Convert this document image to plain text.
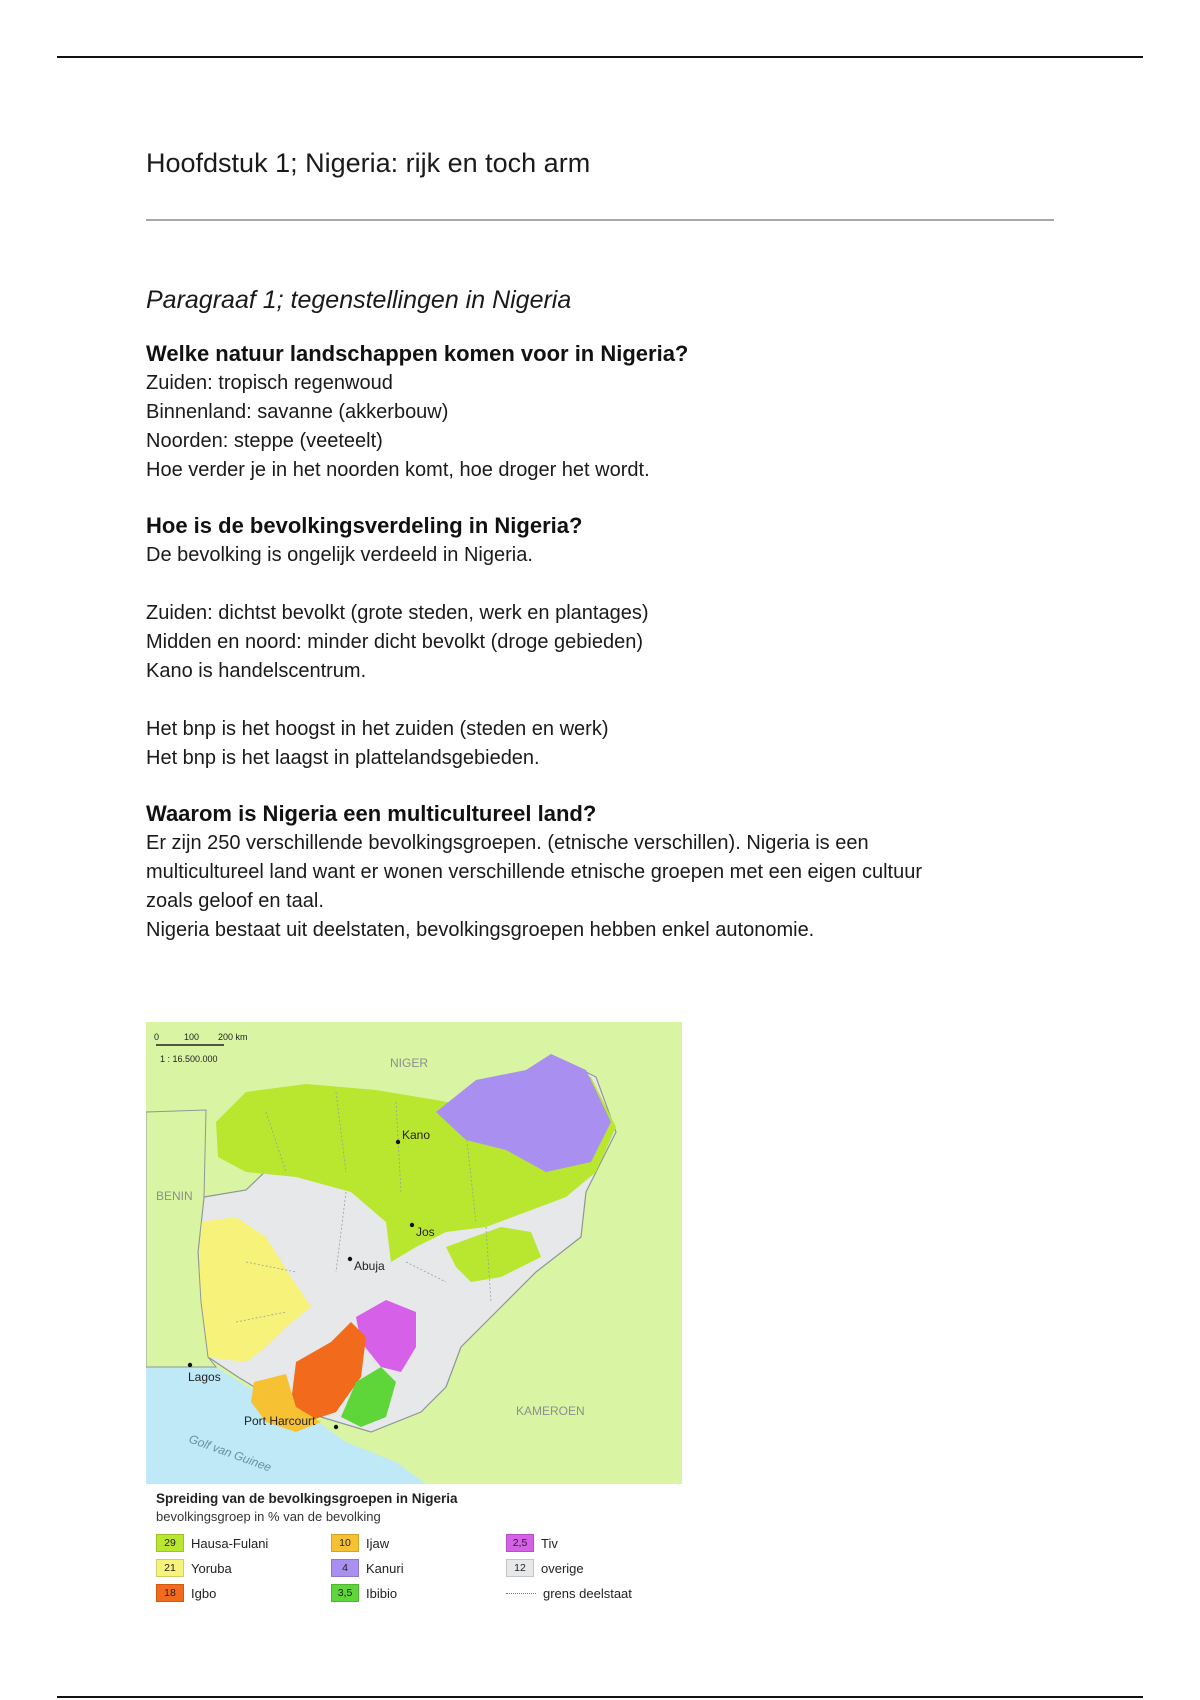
Hoofdstuk 1; Nigeria: rijk en toch arm
Paragraaf 1; tegenstellingen in Nigeria
Welke natuur landschappen komen voor in Nigeria?

Zuiden: tropisch regenwoud

Binnenland: savanne (akkerbouw)

Noorden: steppe (veeteelt)

Hoe verder je in het noorden komt, hoe droger het wordt.

Hoe is de bevolkingsverdeling in Nigeria?

De bevolking is ongelijk verdeeld in Nigeria.

Zuiden: dichtst bevolkt (grote steden, werk en plantages)

Midden en noord: minder dicht bevolkt (droge gebieden)

Kano is handelscentrum.

Het bnp is het hoogst in het zuiden (steden en werk)

Het bnp is het laagst in plattelandsgebieden.

Waarom is Nigeria een multicultureel land?

Er zijn 250 verschillende bevolkingsgroepen. (etnische verschillen). Nigeria is een

multicultureel land want er wonen verschillende etnische groepen met een eigen cultuur

zoals geloof en taal.

Nigeria bestaat uit deelstaten, bevolkingsgroepen hebben enkel autonomie.

0	100 200 km
1 : 16.500.000	NIGER
BENIN
KAMEROEN
Golf van Guinee
Kano
Jos
Abuja
Lagos
Port Harcourt
Spreiding van de bevolkingsgroepen in Nigeria
bevolkingsgroep in % van de bevolking
29	Hausa-Fulani
21	Yoruba
18	Igbo
10	Ijaw
4	Kanuri
3,5	Ibibio
2,5	Tiv
12	overige
grens deelstaat
